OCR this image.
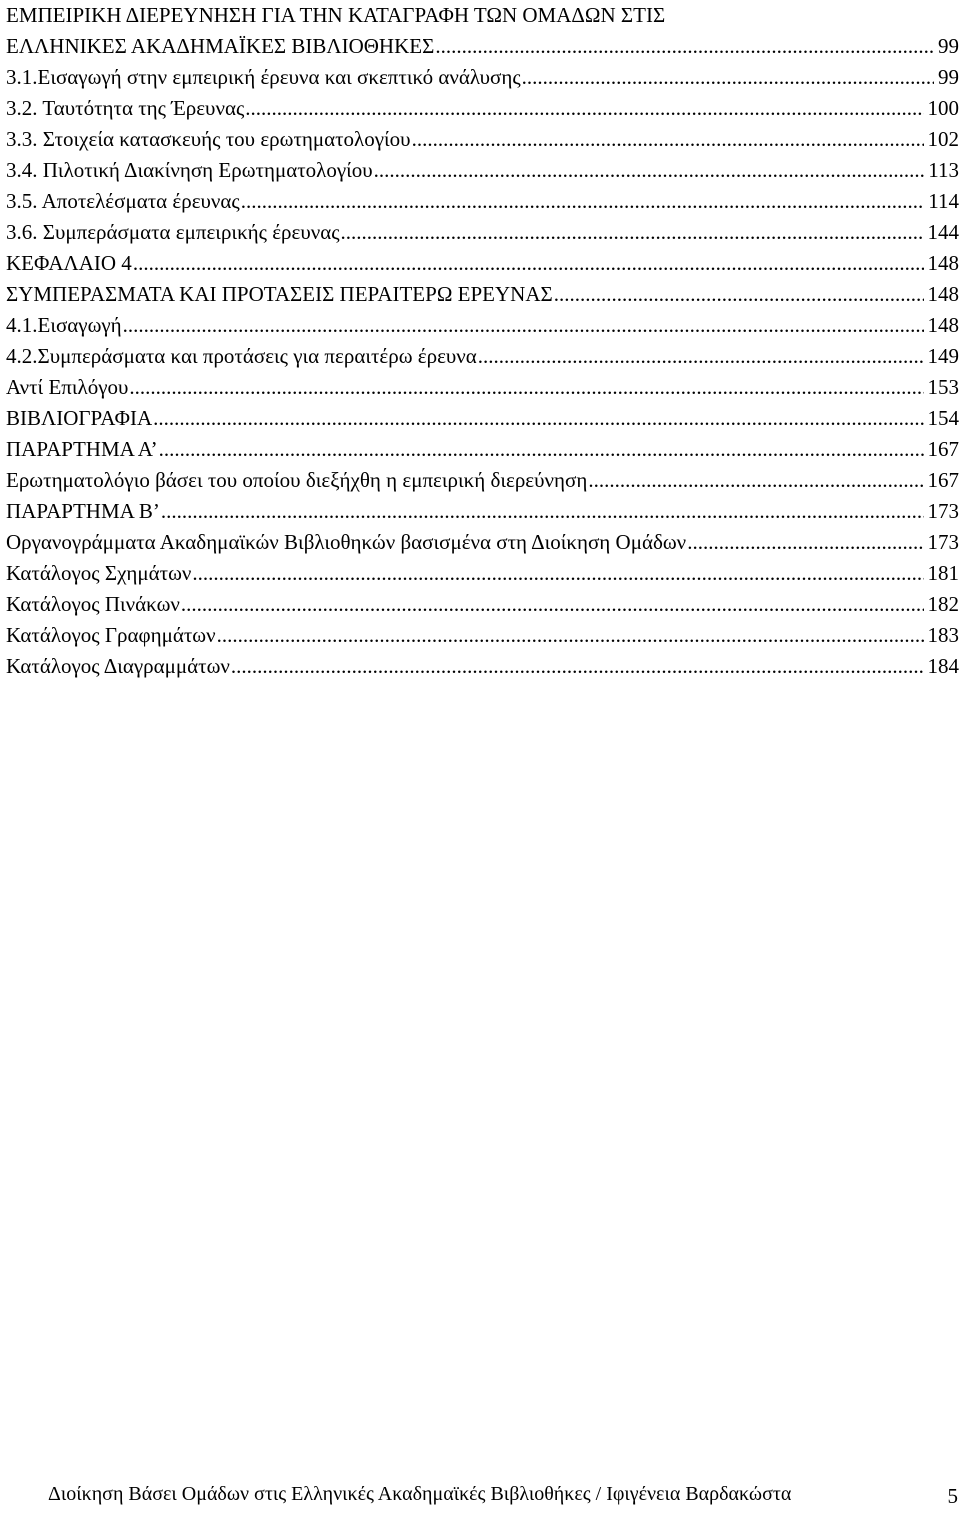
ΕΜΠΕΙΡΙΚΗ ΔΙΕΡΕΥΝΗΣΗ ΓΙΑ ΤΗΝ ΚΑΤΑΓΡΑΦΗ ΤΩΝ ΟΜΑΔΩΝ ΣΤΙΣ
ΕΛΛΗΝΙΚΕΣ ΑΚΑΔΗΜΑΪΚΕΣ ΒΙΒΛΙΟΘΗΚΕΣ .....	99
3.1.Εισαγωγή στην εμπειρική έρευνα και σκεπτικό ανάλυσης .....	99
3.2. Ταυτότητα της Έρευνας .....	100
3.3. Στοιχεία κατασκευής του ερωτηματολογίου .....	102
3.4. Πιλοτική Διακίνηση Ερωτηματολογίου .....	113
3.5. Αποτελέσματα έρευνας .....	114
3.6. Συμπεράσματα εμπειρικής έρευνας .....	144
ΚΕΦΑΛΑΙΟ 4 .....	148
ΣΥΜΠΕΡΑΣΜΑΤΑ ΚΑΙ ΠΡΟΤΑΣΕΙΣ ΠΕΡΑΙΤΕΡΩ ΕΡΕΥΝΑΣ .....	148
4.1.Εισαγωγή .....	148
4.2.Συμπεράσματα και προτάσεις για περαιτέρω έρευνα .....	149
Αντί Επιλόγου .....	153
ΒΙΒΛΙΟΓΡΑΦΙΑ .....	154
ΠΑΡΑΡΤΗΜΑ Α’ .....	167
Ερωτηματολόγιο βάσει του οποίου διεξήχθη η εμπειρική διερεύνηση .....	167
ΠΑΡΑΡΤΗΜΑ Β’ .....	173
Οργανογράμματα Ακαδημαϊκών Βιβλιοθηκών βασισμένα στη Διοίκηση Ομάδων .....	173
Κατάλογος Σχημάτων .....	181
Κατάλογος Πινάκων .....	182
Κατάλογος Γραφημάτων .....	183
Κατάλογος Διαγραμμάτων .....	184
Διοίκηση Βάσει Ομάδων στις Ελληνικές Ακαδημαϊκές Βιβλιοθήκες / Ιφιγένεια Βαρδακώστα	5
